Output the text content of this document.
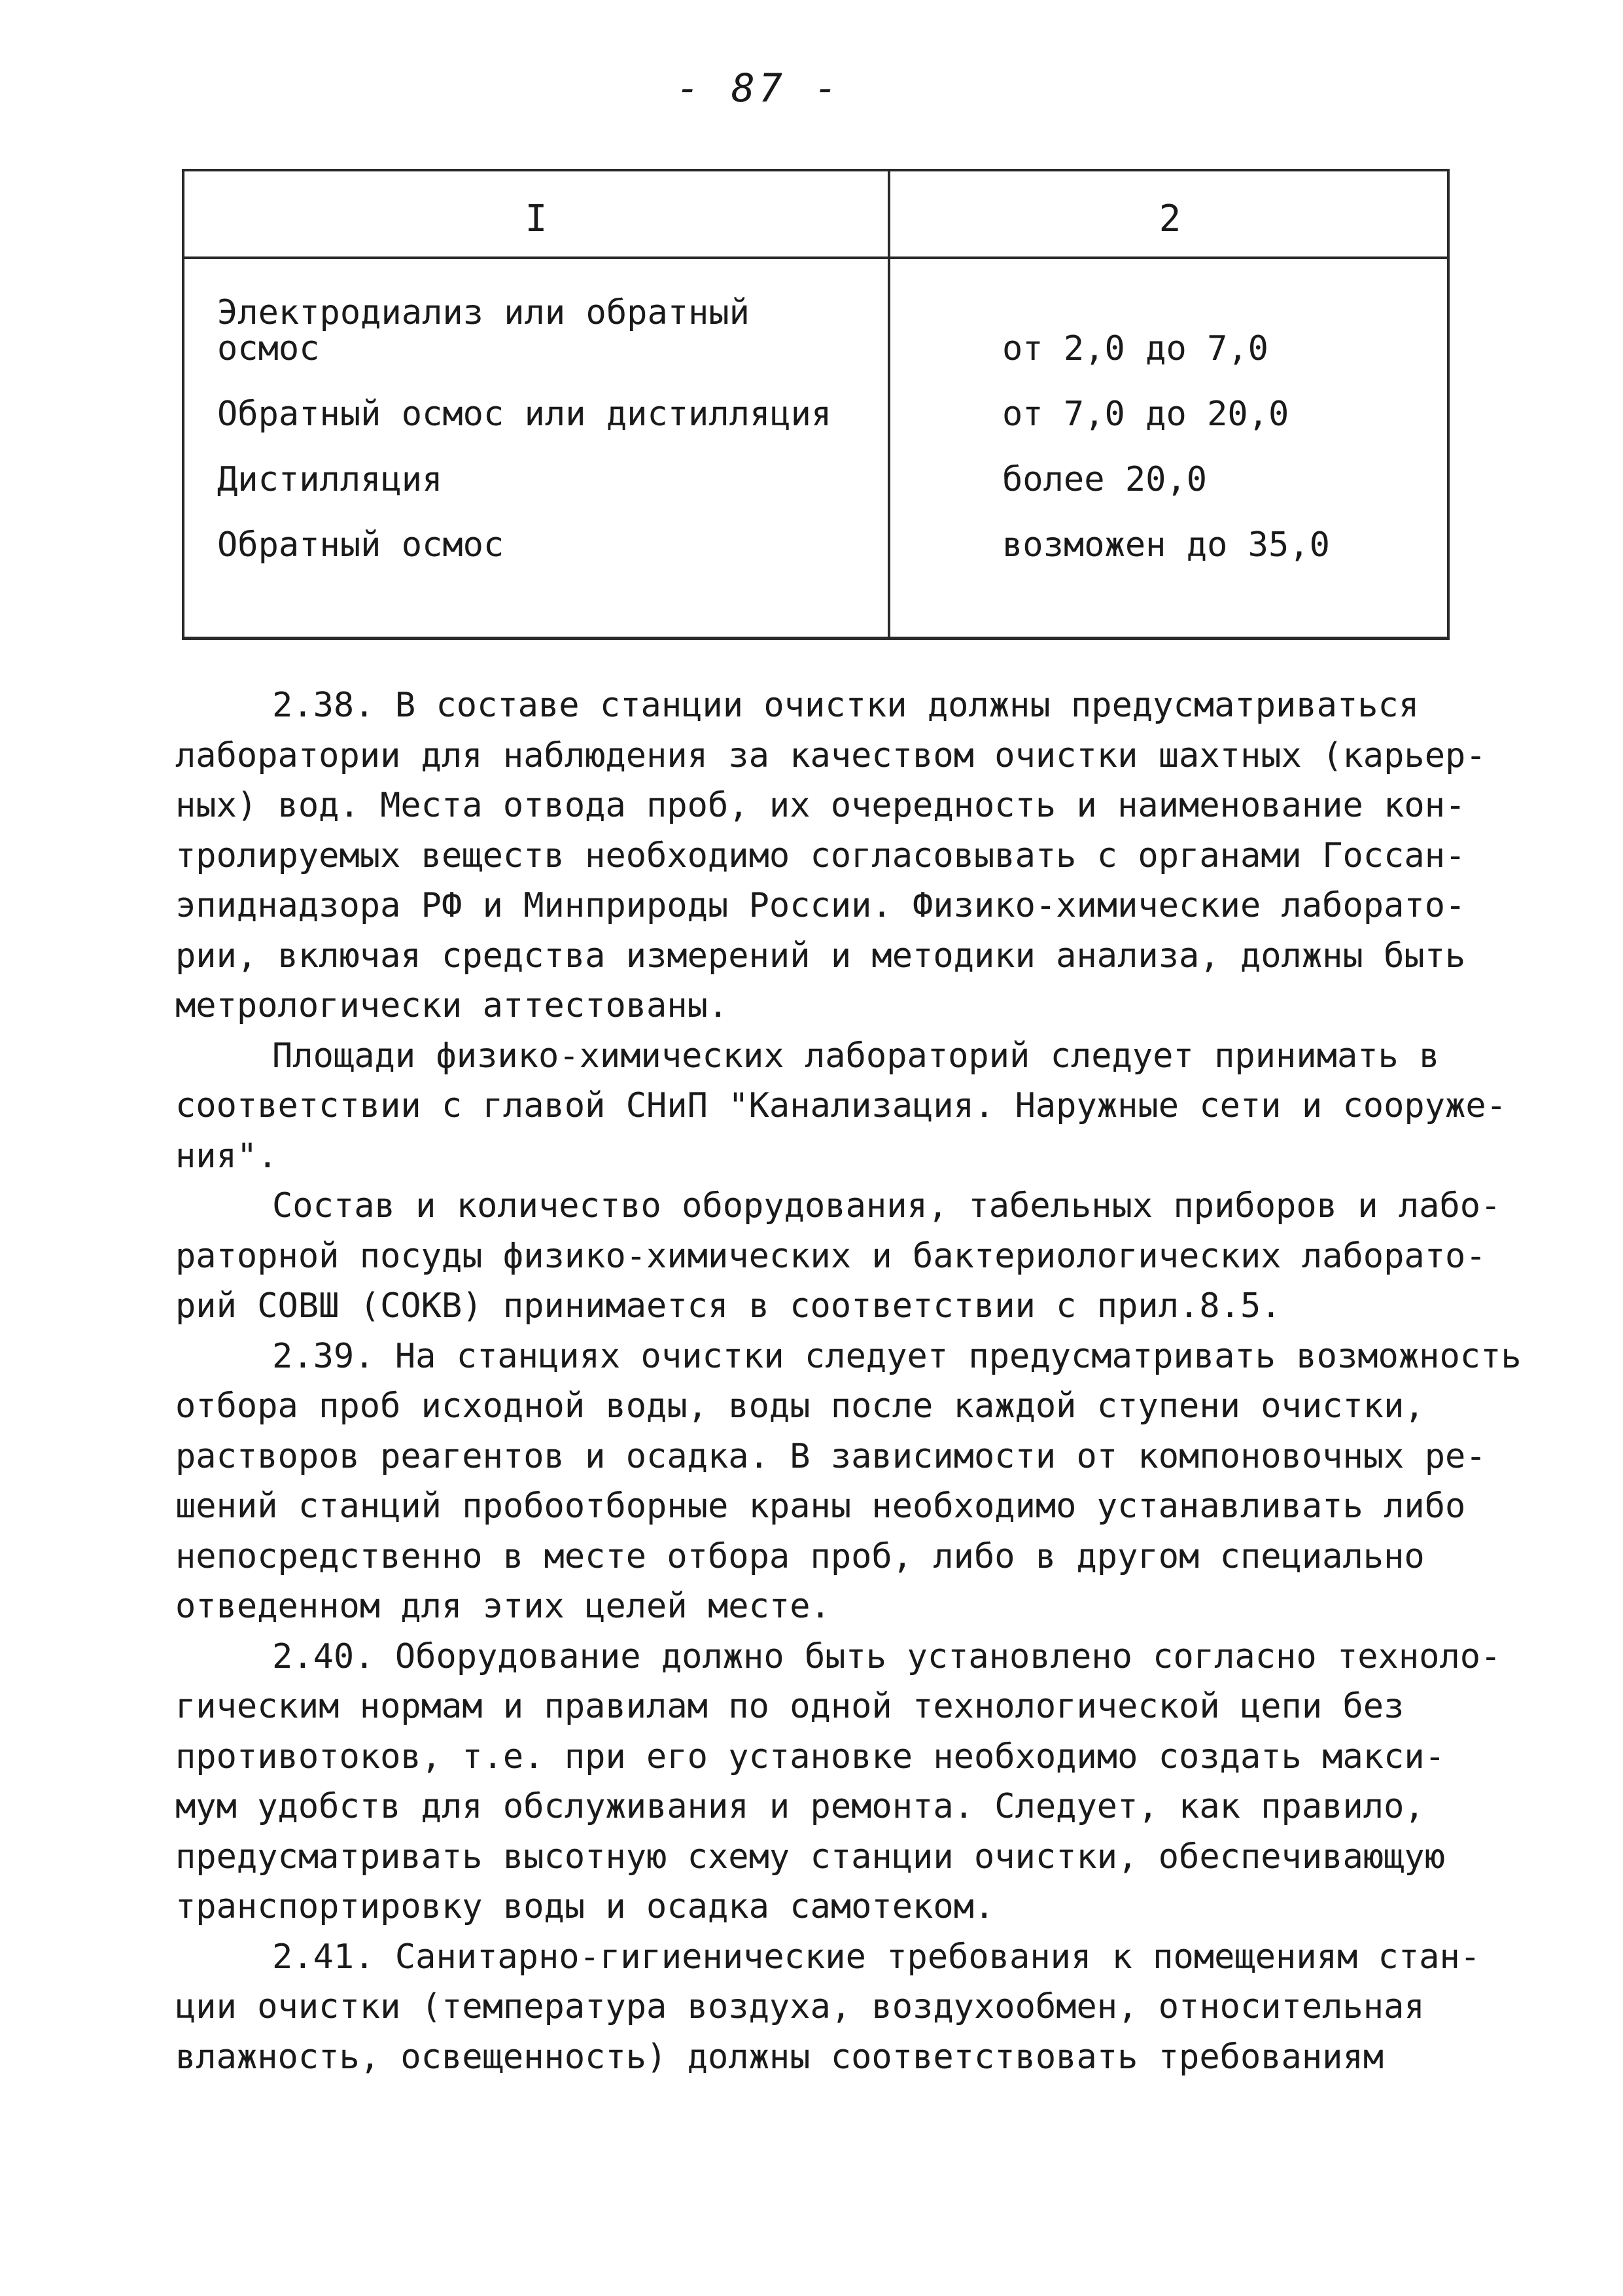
- 87 -
I	2
Электродиализ или обратный
осмос	от 2,0 до 7,0
Обратный осмос или дистилляция	от 7,0 до 20,0
Дистилляция	более 20,0
Обратный осмос	возможен до 35,0
2.38. В составе станции очистки должны предусматриваться
лаборатории для наблюдения за качеством очистки шахтных (карьер-
ных) вод. Места отвода проб, их очередность и наименование кон-
тролируемых веществ необходимо согласовывать с органами Госсан-
эпиднадзора РФ и Минприроды России. Физико-химические лаборато-
рии, включая средства измерений и методики анализа, должны быть
метрологически аттестованы.
Площади физико-химических лабораторий следует принимать в
соответствии с главой СНиП "Канализация. Наружные сети и сооруже-
ния".
Состав и количество оборудования, табельных приборов и лабо-
раторной посуды физико-химических и бактериологических лаборато-
рий СОВШ (СОКВ) принимается в соответствии с прил.8.5.
2.39. На станциях очистки следует предусматривать возможность
отбора проб исходной воды, воды после каждой ступени очистки,
растворов реагентов и осадка. В зависимости от компоновочных ре-
шений станций пробоотборные краны необходимо устанавливать либо
непосредственно в месте отбора проб, либо в другом специально
отведенном для этих целей месте.
2.40. Оборудование должно быть установлено согласно техноло-
гическим нормам и правилам по одной технологической цепи без
противотоков, т.е. при его установке необходимо создать макси-
мум удобств для обслуживания и ремонта. Следует, как правило,
предусматривать высотную схему станции очистки, обеспечивающую
транспортировку воды и осадка самотеком.
2.41. Санитарно-гигиенические требования к помещениям стан-
ции очистки (температура воздуха, воздухообмен, относительная
влажность, освещенность) должны соответствовать требованиям
